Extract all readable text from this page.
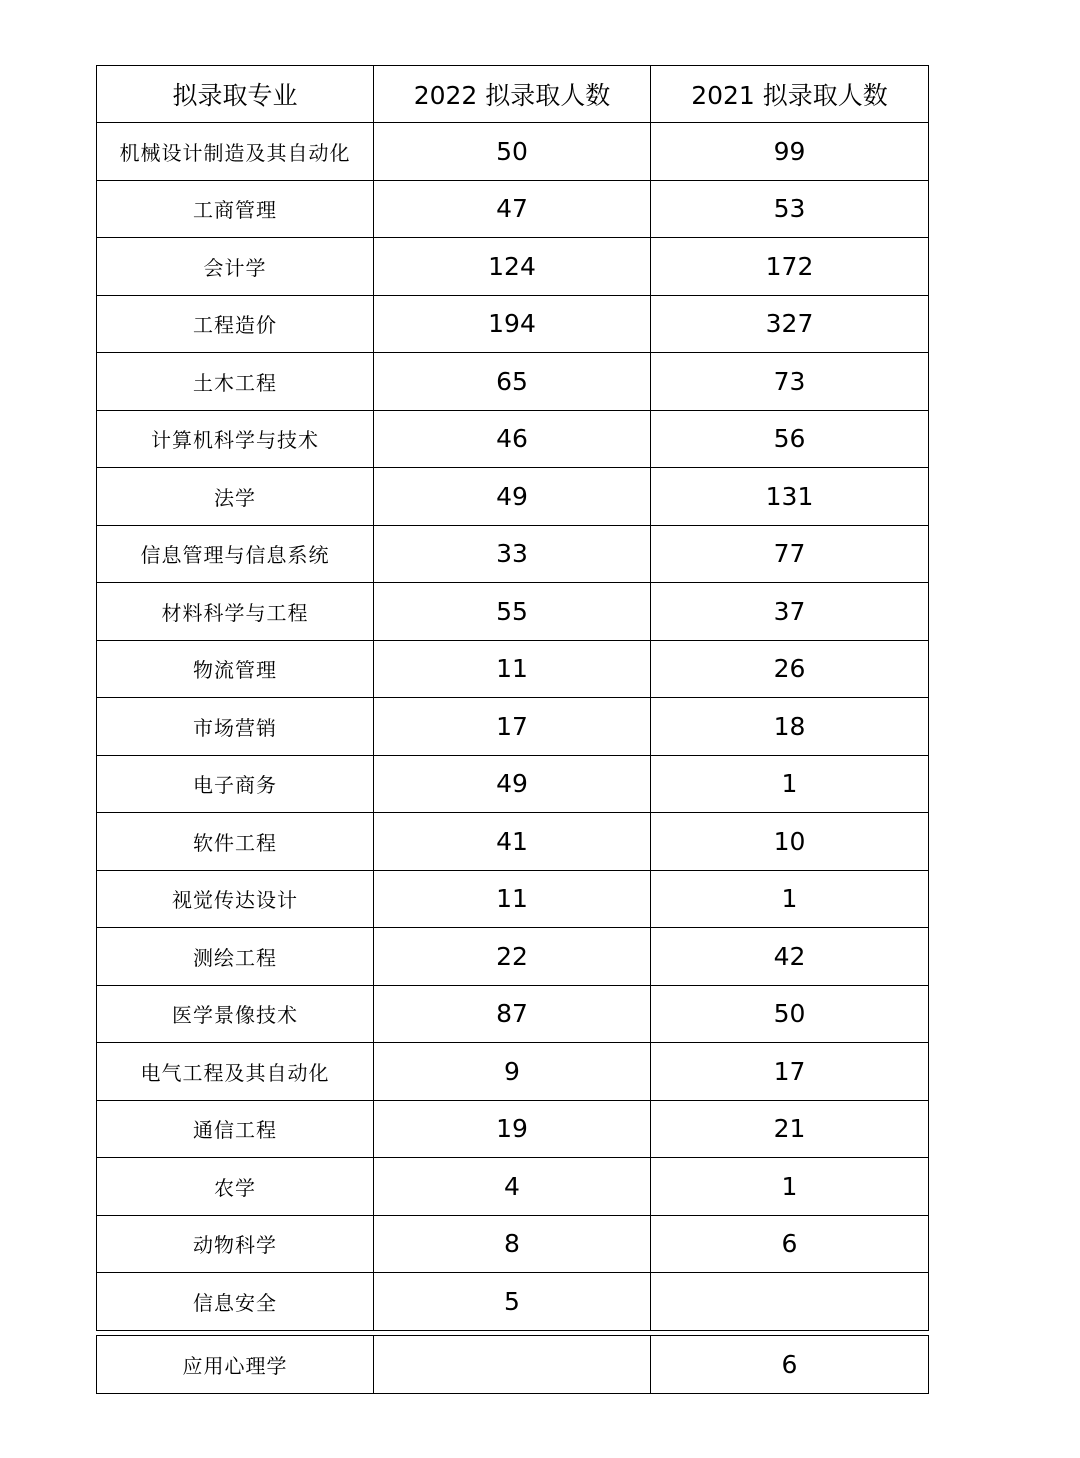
拟录取专业	2022 拟录取人数	2021 拟录取人数
机械设计制造及其自动化	50	99
工商管理	47	53
会计学	124	172
工程造价	194	327
土木工程	65	73
计算机科学与技术	46	56
法学	49	131
信息管理与信息系统	33	77
材料科学与工程	55	37
物流管理	11	26
市场营销	17	18
电子商务	49	1
软件工程	41	10
视觉传达设计	11	1
测绘工程	22	42
医学景像技术	87	50
电气工程及其自动化	9	17
通信工程	19	21
农学	4	1
动物科学	8	6
信息安全	5	
应用心理学		6
